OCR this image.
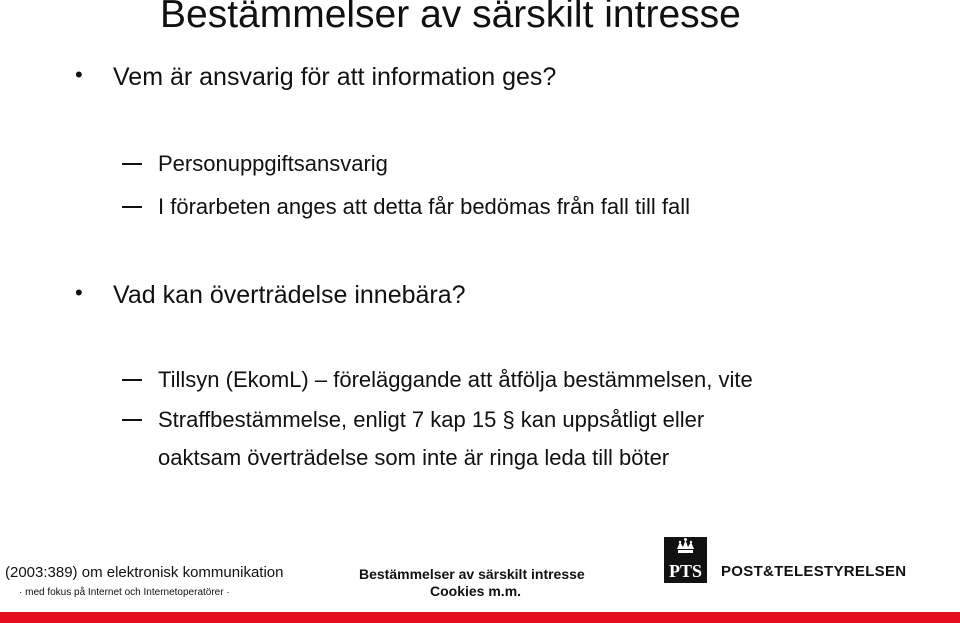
Bestämmelser av särskilt intresse
• Vem är ansvarig för att information ges?
Personuppgiftsansvarig
I förarbeten anges att detta får bedömas från fall till fall
• Vad kan överträdelse innebära?
Tillsyn (EkomL) – föreläggande att åtfölja bestämmelsen, vite
Straffbestämmelse, enligt 7 kap 15 § kan uppsåtligt eller
oaktsam överträdelse som inte är ringa leda till böter
(2003:389) om elektronisk kommunikation
· med fokus på Internet och Internetoperatörer ·
Bestämmelser av särskilt intresse
Cookies m.m.
PTS POST&TELESTYRELSEN
